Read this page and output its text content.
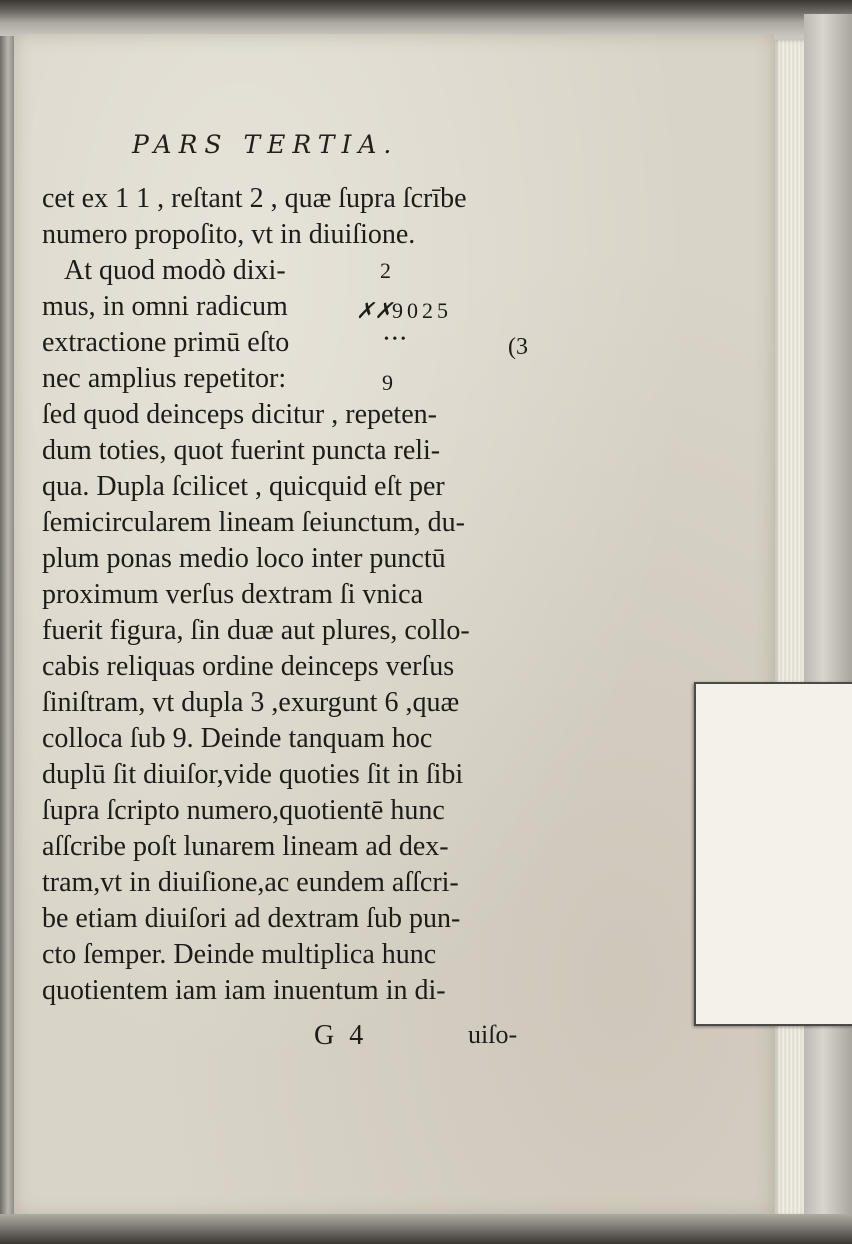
PARS TERTIA.
cet ex 1 1 , reſtant 2 , quæ ſupra ſcrībe
numero propoſito, vt in diuiſione.
At quod modò dixi-
mus, in omni radicum
extractione primū eſto
nec amplius repetitor:
2
✗✗ 9025
• • •	(3
9
ſed quod deinceps dicitur , repeten-
dum toties, quot fuerint puncta reli-
qua. Dupla ſcilicet , quicquid eſt per
ſemicircularem lineam ſeiunctum, du-
plum ponas medio loco inter punctū
proximum verſus dextram ſi vnica
fuerit figura, ſin duæ aut plures, collo-
cabis reliquas ordine deinceps verſus
ſiniſtram, vt dupla 3 ,exurgunt 6 ,quæ
colloca ſub 9. Deinde tanquam hoc
duplū ſit diuiſor,vide quoties ſit in ſibi
ſupra ſcripto numero,quotientē hunc
aſſcribe poſt lunarem lineam ad dex-
tram,vt in diuiſione,ac eundem aſſcri-
be etiam diuiſori ad dextram ſub pun-
cto ſemper. Deinde multiplica hunc
quotientem iam iam inuentum in di-
G 4	uiſo-
